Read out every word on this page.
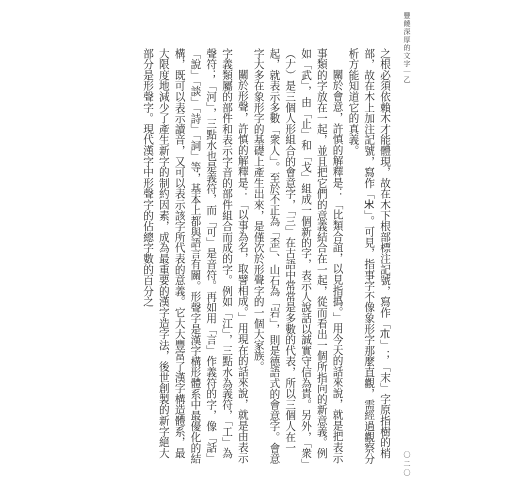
豐饒深厚的文字｜乙

之根必須依賴木才能體現，故在木下根部標注記號，寫作「𣎳」；「末」字原指樹的梢部，故在木上加注記號，寫作「𣎵」。可見，指事字不像象形字那麼直觀，需經過觀察分析方能知道它的真義。

關於會意，許慎的解釋是：「比類合誼，以見指撝。」用今天的話來說，就是把表示事類的字放在一起，並且把它們的意義結合在一起，從而看出一個所指向的新意義。例如「武」，由「止」和「戈」組成一個新的字，表示人說話以誠實守信為貴。另外，「衆」（𠂇）是三個人形組合的會意字，「三」在古語中常常是多數的代表，所以三個人在一起，就表示多數「衆人」。至於不正為「歪」、山石為「岩」，則是德語式的會意字。會意字大多在象形字的基礎上產生出來，是僅次於形聲字的一個大家族。

關於形聲，許慎的解釋是：「以事為名，取譬相成。」用現在的話來說，就是由表示字義類屬的部件和表示字音的部件組合而成的字。例如「江」，三點水為義符，「工」為聲符；「河」，三點水也是義符，而「可」是音符。再如用「言」作義符的字，像「話」「說」「談」「詩」「詞」等，基本上都與語言有關。形聲字是漢字構形體系中最優化的結構，既可以表示讀音，又可以表示該字所代表的意義。它大大豐富了漢字構造體系，最大限度地減少了產生新字的制約因素，成為最重要的漢字造字法，後世創製的新字絕大部分是形聲字。現代漢字中形聲字的佔總字數的百分之

〇二〇
